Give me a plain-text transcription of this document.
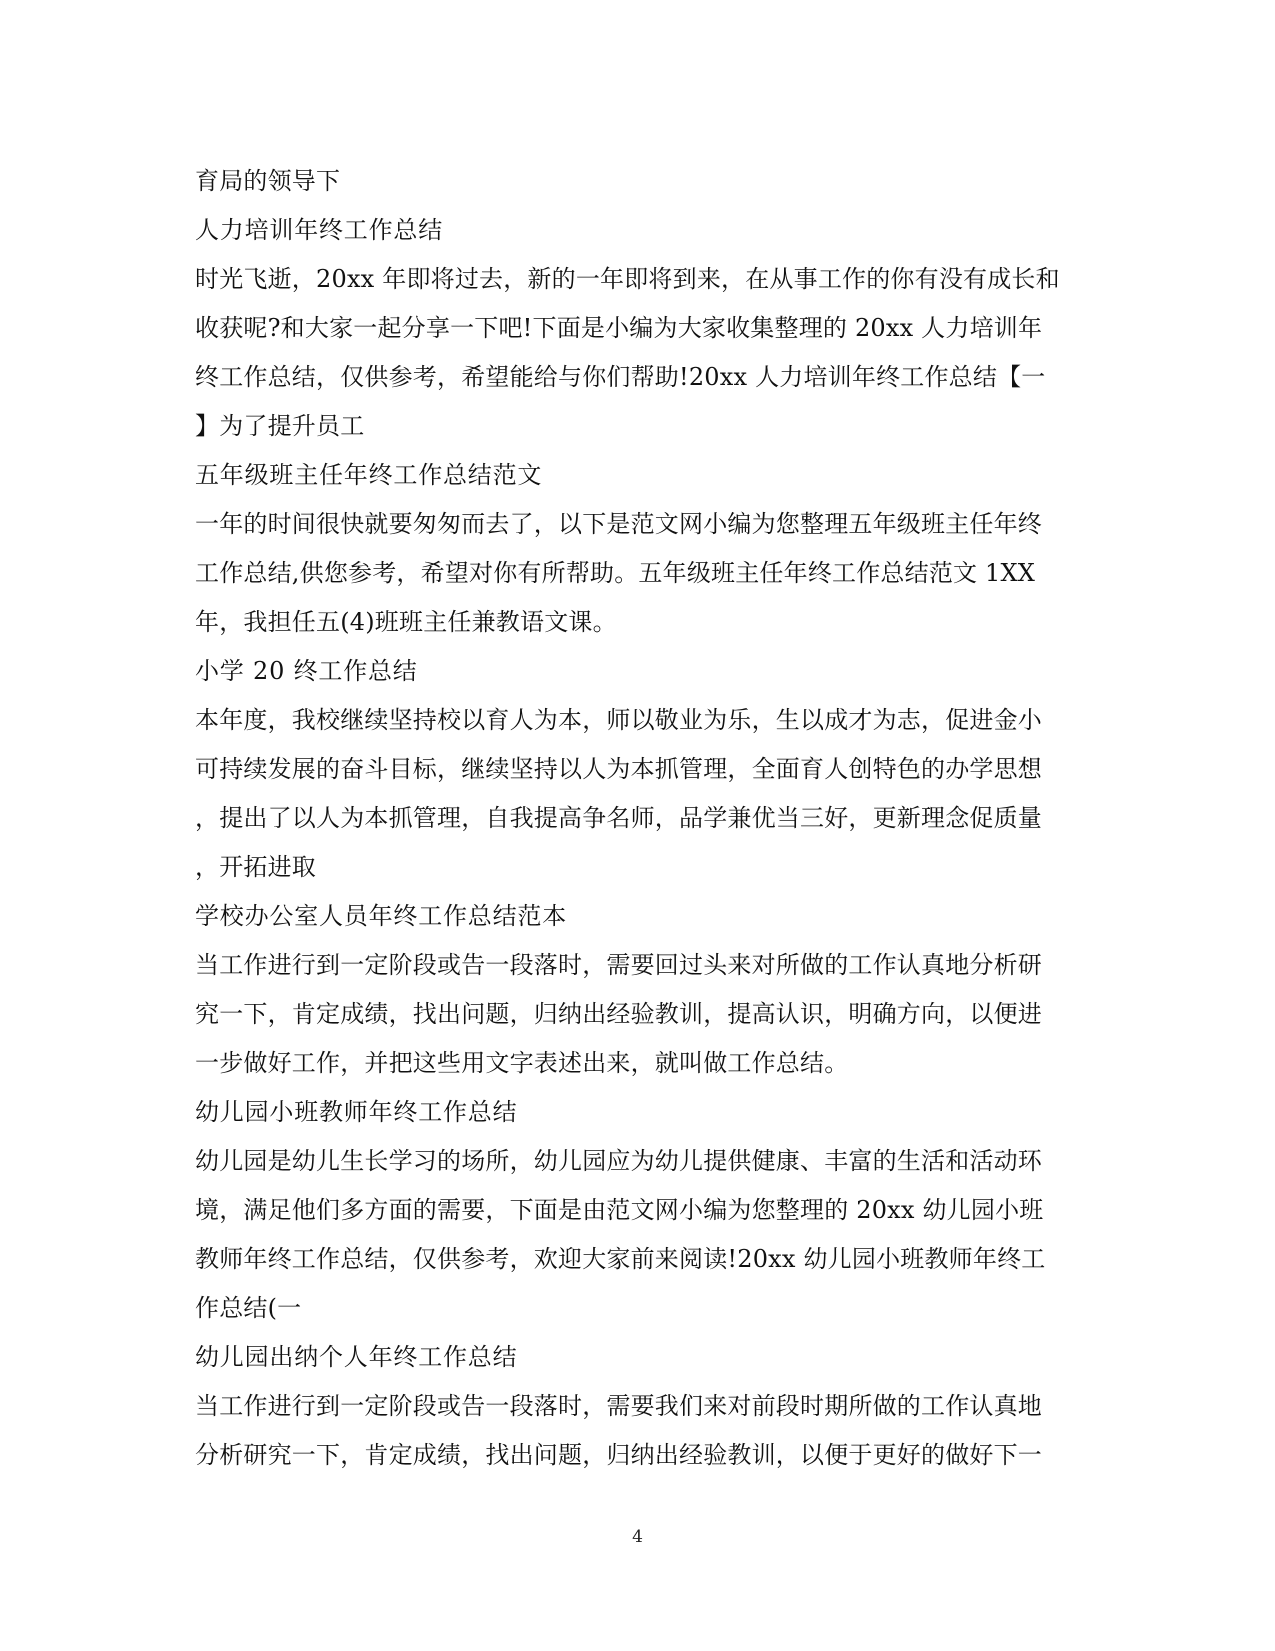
育局的领导下
人力培训年终工作总结
时光飞逝，20xx 年即将过去，新的一年即将到来，在从事工作的你有没有成长和
收获呢?和大家一起分享一下吧!下面是小编为大家收集整理的 20xx 人力培训年
终工作总结，仅供参考，希望能给与你们帮助!20xx 人力培训年终工作总结【一
】为了提升员工
五年级班主任年终工作总结范文
一年的时间很快就要匆匆而去了，以下是范文网小编为您整理五年级班主任年终
工作总结,供您参考，希望对你有所帮助。五年级班主任年终工作总结范文 1XX
年，我担任五(4)班班主任兼教语文课。
小学 20 终工作总结
本年度，我校继续坚持校以育人为本，师以敬业为乐，生以成才为志，促进金小
可持续发展的奋斗目标，继续坚持以人为本抓管理，全面育人创特色的办学思想
，提出了以人为本抓管理，自我提高争名师，品学兼优当三好，更新理念促质量
，开拓进取
学校办公室人员年终工作总结范本
当工作进行到一定阶段或告一段落时，需要回过头来对所做的工作认真地分析研
究一下，肯定成绩，找出问题，归纳出经验教训，提高认识，明确方向，以便进
一步做好工作，并把这些用文字表述出来，就叫做工作总结。
幼儿园小班教师年终工作总结
幼儿园是幼儿生长学习的场所，幼儿园应为幼儿提供健康、丰富的生活和活动环
境，满足他们多方面的需要，下面是由范文网小编为您整理的 20xx 幼儿园小班
教师年终工作总结，仅供参考，欢迎大家前来阅读!20xx 幼儿园小班教师年终工
作总结(一
幼儿园出纳个人年终工作总结
当工作进行到一定阶段或告一段落时，需要我们来对前段时期所做的工作认真地
分析研究一下，肯定成绩，找出问题，归纳出经验教训，以便于更好的做好下一
4
